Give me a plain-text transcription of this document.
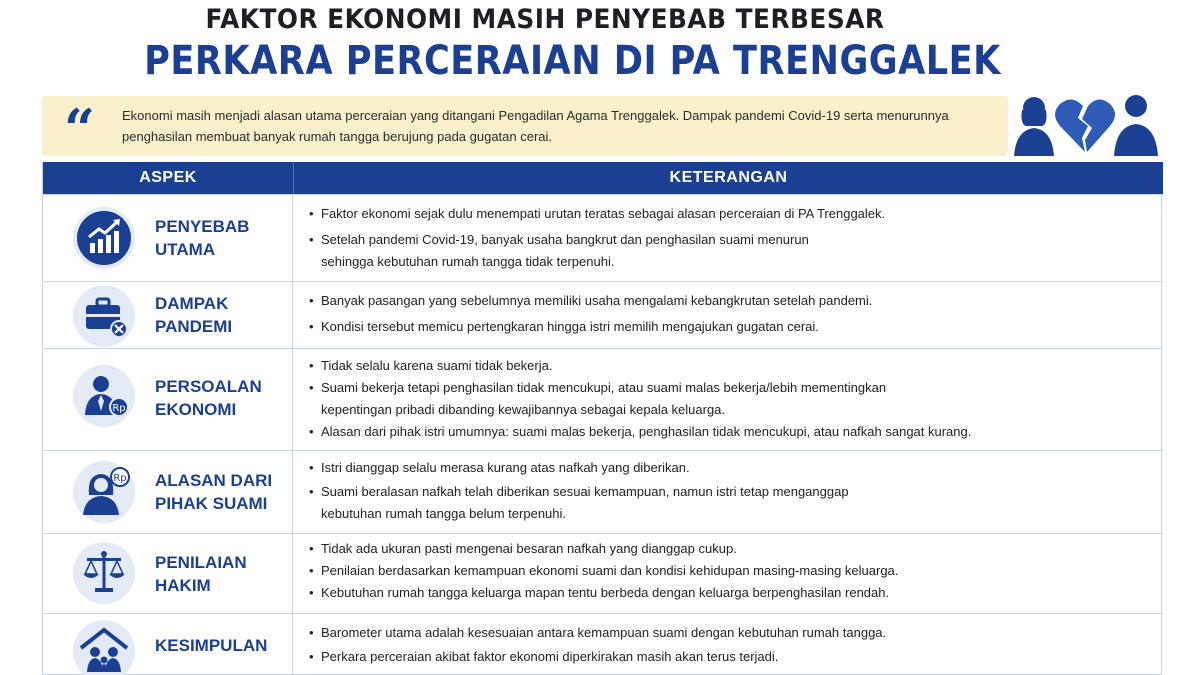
FAKTOR EKONOMI MASIH PENYEBAB TERBESAR
PERKARA PERCERAIAN DI PA TRENGGALEK
“ Ekonomi masih menjadi alasan utama perceraian yang ditangani Pengadilan Agama Trenggalek. Dampak pandemi Covid-19 serta menurunnya penghasilan membuat banyak rumah tangga berujung pada gugatan cerai.
ASPEK	KETERANGAN
PENYEBAB
UTAMA
• Faktor ekonomi sejak dulu menempati urutan teratas sebagai alasan perceraian di PA Trenggalek.
• Setelah pandemi Covid-19, banyak usaha bangkrut dan penghasilan suami menurun
sehingga kebutuhan rumah tangga tidak terpenuhi.
DAMPAK
PANDEMI
• Banyak pasangan yang sebelumnya memiliki usaha mengalami kebangkrutan setelah pandemi.
• Kondisi tersebut memicu pertengkaran hingga istri memilih mengajukan gugatan cerai.
Rp
PERSOALAN
EKONOMI
• Tidak selalu karena suami tidak bekerja.
• Suami bekerja tetapi penghasilan tidak mencukupi, atau suami malas bekerja/lebih mementingkan
kepentingan pribadi dibanding kewajibannya sebagai kepala keluarga.
• Alasan dari pihak istri umumnya: suami malas bekerja, penghasilan tidak mencukupi, atau nafkah sangat kurang.
Rp ALASAN DARI
PIHAK SUAMI
• Istri dianggap selalu merasa kurang atas nafkah yang diberikan.
• Suami beralasan nafkah telah diberikan sesuai kemampuan, namun istri tetap menganggap
kebutuhan rumah tangga belum terpenuhi.
PENILAIAN
HAKIM
• Tidak ada ukuran pasti mengenai besaran nafkah yang dianggap cukup.
• Penilaian berdasarkan kemampuan ekonomi suami dan kondisi kehidupan masing-masing keluarga.
• Kebutuhan rumah tangga keluarga mapan tentu berbeda dengan keluarga berpenghasilan rendah.
KESIMPULAN
• Barometer utama adalah kesesuaian antara kemampuan suami dengan kebutuhan rumah tangga.
• Perkara perceraian akibat faktor ekonomi diperkirakan masih akan terus terjadi.
